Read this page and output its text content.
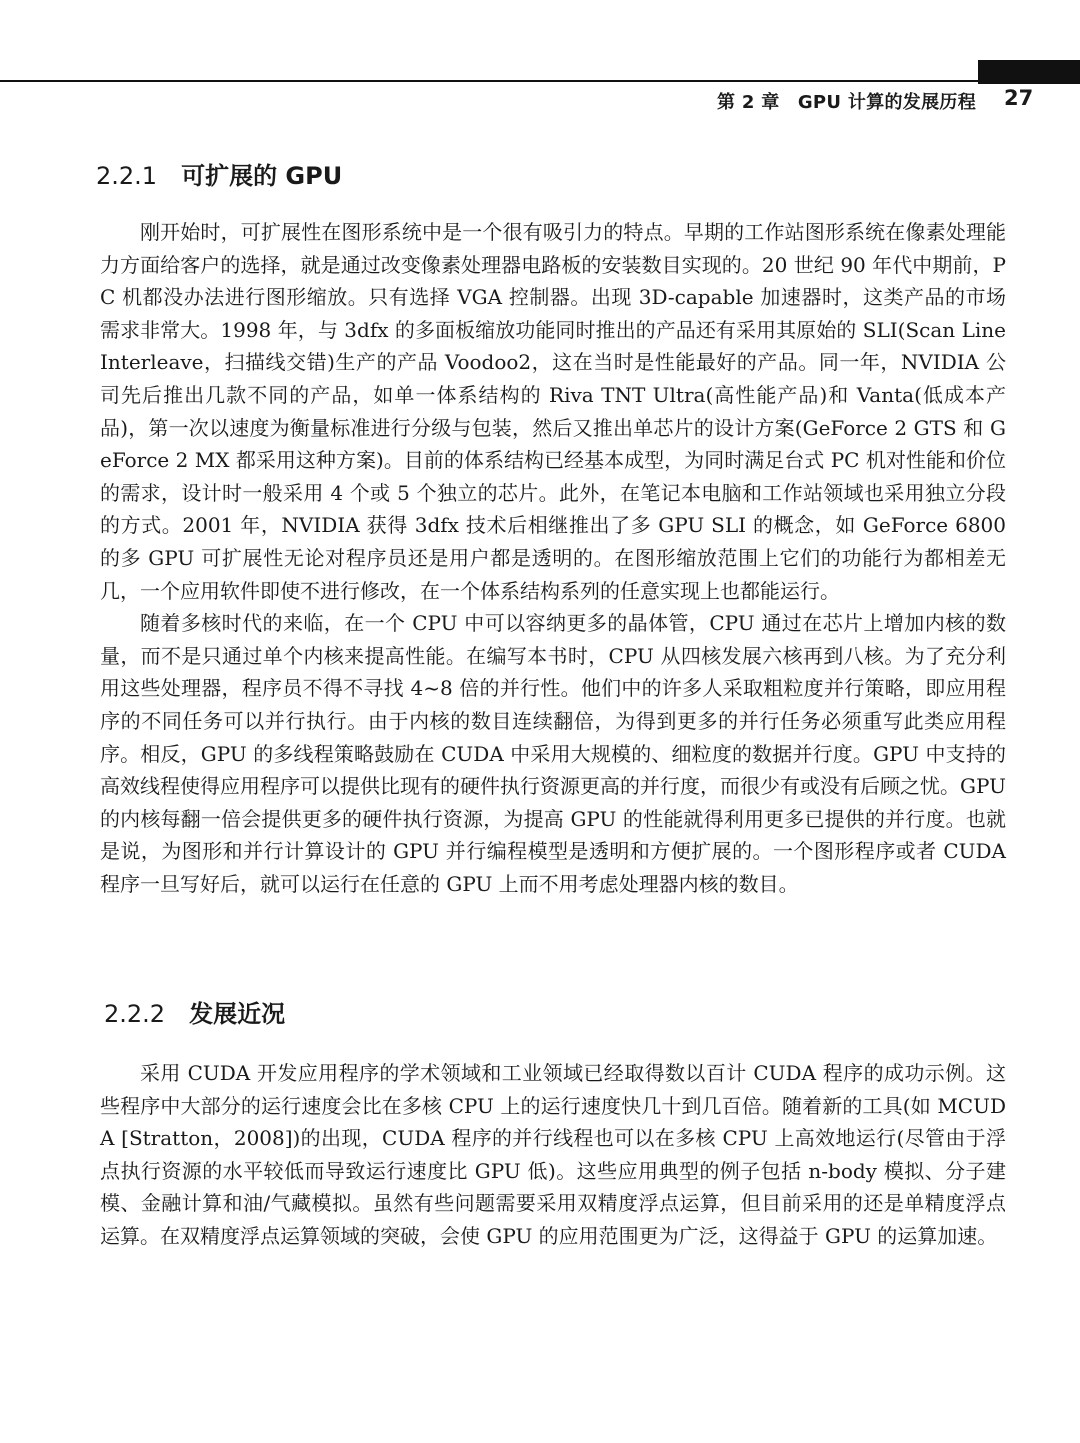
第 2 章　GPU 计算的发展历程 27
2.2.1 可扩展的 GPU

刚开始时，可扩展性在图形系统中是一个很有吸引力的特点。早期的工作站图形系统在像素处理能力方面给客户的选择，就是通过改变像素处理器电路板的安装数目实现的。20 世纪 90 年代中期前，PC 机都没办法进行图形缩放。只有选择 VGA 控制器。出现 3D-capable 加速器时，这类产品的市场需求非常大。1998 年，与 3dfx 的多面板缩放功能同时推出的产品还有采用其原始的 SLI(Scan Line Interleave，扫描线交错)生产的产品 Voodoo2，这在当时是性能最好的产品。同一年，NVIDIA 公司先后推出几款不同的产品，如单一体系结构的 Riva TNT Ultra(高性能产品)和 Vanta(低成本产品)，第一次以速度为衡量标准进行分级与包装，然后又推出单芯片的设计方案(GeForce 2 GTS 和 GeForce 2 MX 都采用这种方案)。目前的体系结构已经基本成型，为同时满足台式 PC 机对性能和价位的需求，设计时一般采用 4 个或 5 个独立的芯片。此外，在笔记本电脑和工作站领域也采用独立分段的方式。2001 年，NVIDIA 获得 3dfx 技术后相继推出了多 GPU SLI 的概念，如 GeForce 6800 的多 GPU 可扩展性无论对程序员还是用户都是透明的。在图形缩放范围上它们的功能行为都相差无几，一个应用软件即使不进行修改，在一个体系结构系列的任意实现上也都能运行。

随着多核时代的来临，在一个 CPU 中可以容纳更多的晶体管，CPU 通过在芯片上增加内核的数量，而不是只通过单个内核来提高性能。在编写本书时，CPU 从四核发展六核再到八核。为了充分利用这些处理器，程序员不得不寻找 4~8 倍的并行性。他们中的许多人采取粗粒度并行策略，即应用程序的不同任务可以并行执行。由于内核的数目连续翻倍，为得到更多的并行任务必须重写此类应用程序。相反，GPU 的多线程策略鼓励在 CUDA 中采用大规模的、细粒度的数据并行度。GPU 中支持的高效线程使得应用程序可以提供比现有的硬件执行资源更高的并行度，而很少有或没有后顾之忧。GPU 的内核每翻一倍会提供更多的硬件执行资源，为提高 GPU 的性能就得利用更多已提供的并行度。也就是说，为图形和并行计算设计的 GPU 并行编程模型是透明和方便扩展的。一个图形程序或者 CUDA 程序一旦写好后，就可以运行在任意的 GPU 上而不用考虑处理器内核的数目。

2.2.2 发展近况

采用 CUDA 开发应用程序的学术领域和工业领域已经取得数以百计 CUDA 程序的成功示例。这些程序中大部分的运行速度会比在多核 CPU 上的运行速度快几十到几百倍。随着新的工具(如 MCUDA [Stratton，2008])的出现，CUDA 程序的并行线程也可以在多核 CPU 上高效地运行(尽管由于浮点执行资源的水平较低而导致运行速度比 GPU 低)。这些应用典型的例子包括 n-body 模拟、分子建模、金融计算和油/气藏模拟。虽然有些问题需要采用双精度浮点运算，但目前采用的还是单精度浮点运算。在双精度浮点运算领域的突破，会使 GPU 的应用范围更为广泛，这得益于 GPU 的运算加速。
